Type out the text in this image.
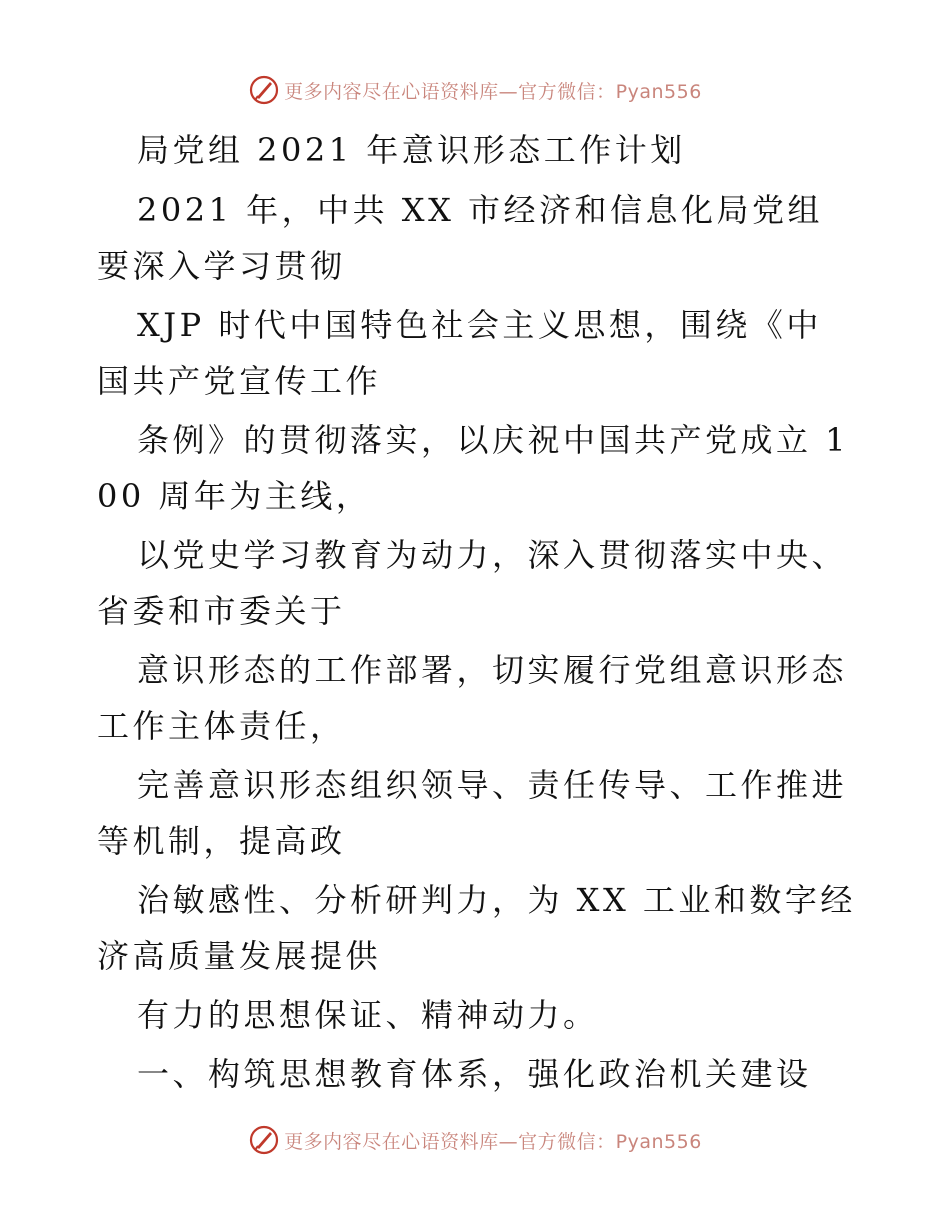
更多内容尽在心语资料库—官方微信：Pyan556

局党组 2021 年意识形态工作计划

2021 年，中共 XX 市经济和信息化局党组要深入学习贯彻

XJP 时代中国特色社会主义思想，围绕《中国共产党宣传工作

条例》的贯彻落实，以庆祝中国共产党成立 100 周年为主线，

以党史学习教育为动力，深入贯彻落实中央、省委和市委关于

意识形态的工作部署，切实履行党组意识形态工作主体责任，

完善意识形态组织领导、责任传导、工作推进等机制，提高政

治敏感性、分析研判力，为 XX 工业和数字经济高质量发展提供

有力的思想保证、精神动力。

一、构筑思想教育体系，强化政治机关建设

更多内容尽在心语资料库—官方微信：Pyan556
